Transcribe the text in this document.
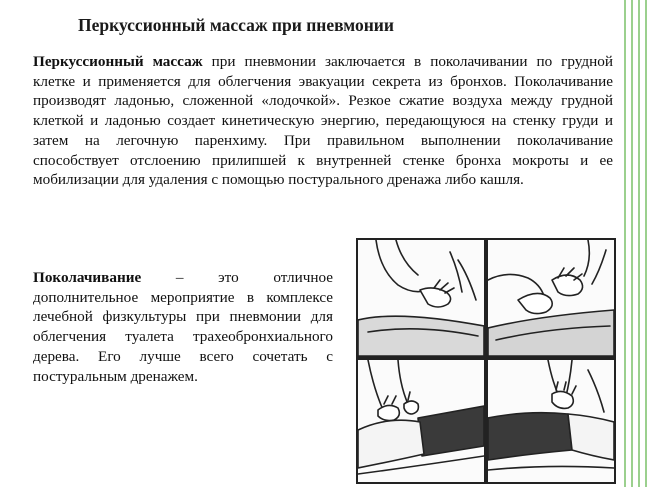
Перкуссионный массаж при пневмонии
Перкуссионный массаж при пневмонии заключается в поколачивании по грудной клетке и применяется для облегчения эвакуации секрета из бронхов. Поколачивание производят ладонью, сложенной «лодочкой». Резкое сжатие воздуха между грудной клеткой и ладонью создает кинетическую энергию, передающуюся на стенку груди и затем на легочную паренхиму. При правильном выполнении поколачивание способствует отслоению прилипшей к внутренней стенке бронха мокроты и ее мобилизации для удаления с помощью постурального дренажа либо кашля.
Поколачивание – это отличное дополнительное мероприятие в комплексе лечебной физкультуры при пневмонии для облегчения туалета трахеобронхиального дерева. Его лучше всего сочетать с постуральным дренажем.
